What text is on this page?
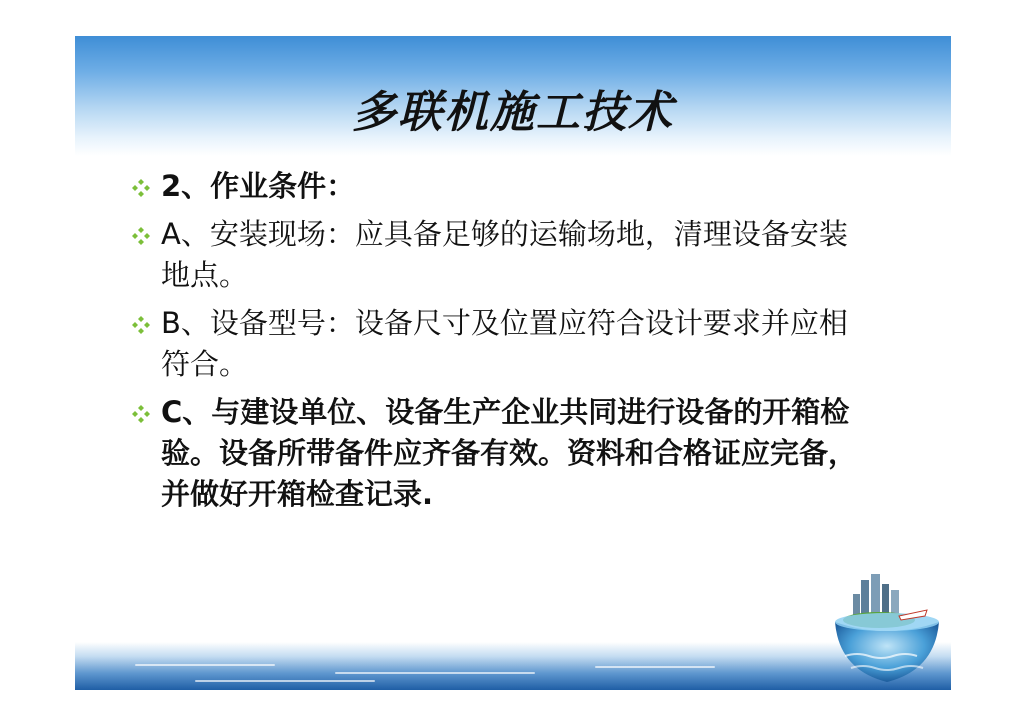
多联机施工技术
2、作业条件：
A、安装现场：应具备足够的运输场地，清理设备安装地点。
B、设备型号：设备尺寸及位置应符合设计要求并应相符合。
C、与建设单位、设备生产企业共同进行设备的开箱检验。设备所带备件应齐备有效。资料和合格证应完备，并做好开箱检查记录.
